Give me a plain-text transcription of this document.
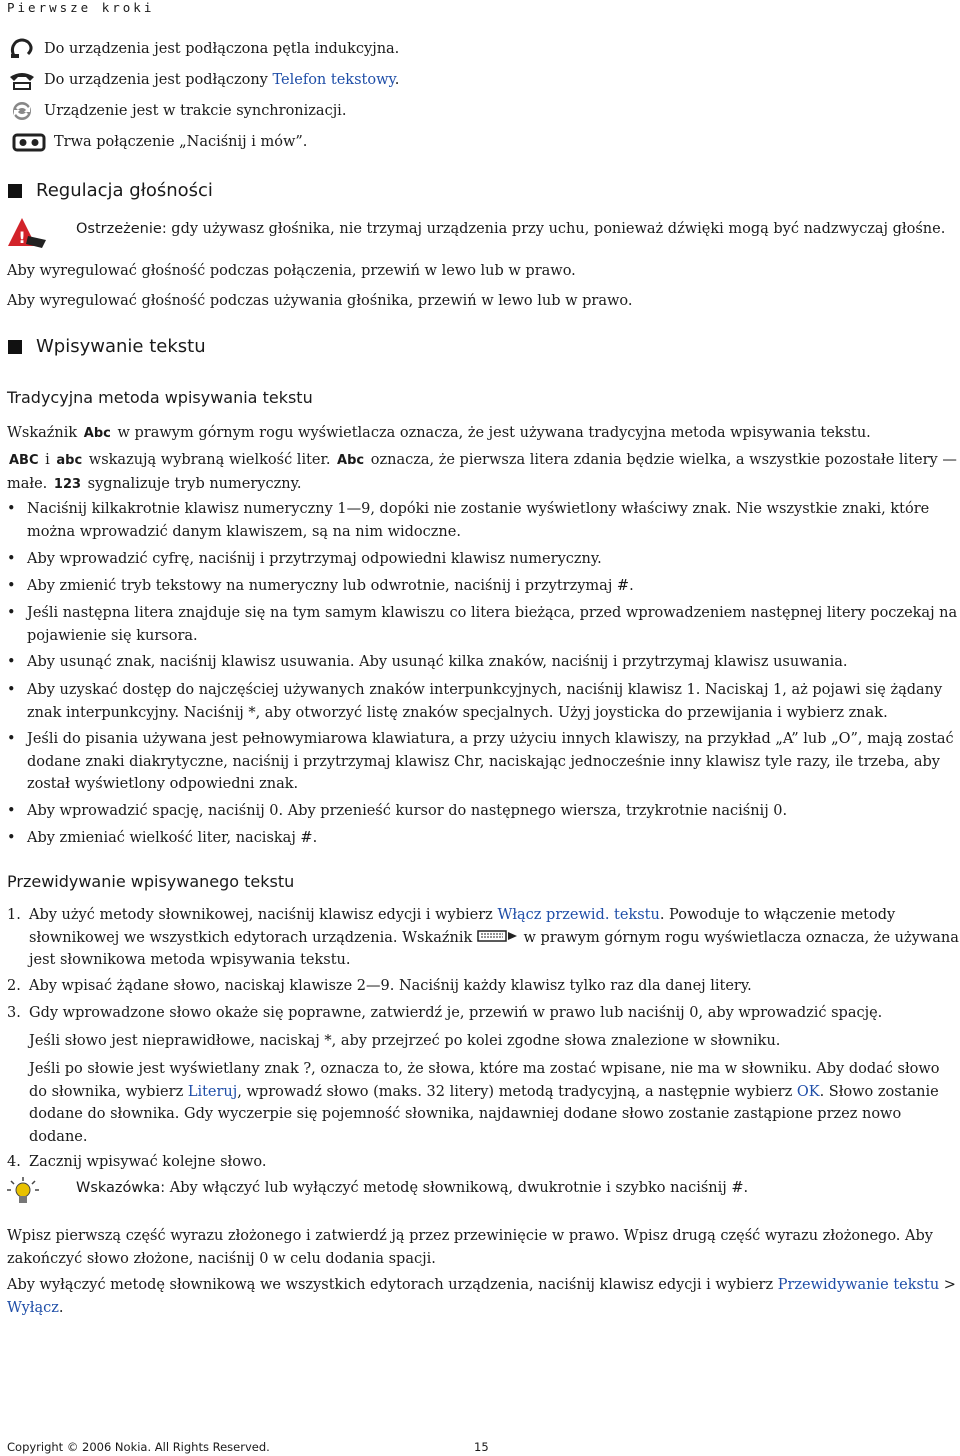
Pierwsze kroki
Do urządzenia jest podłączona pętla indukcyjna.
Do urządzenia jest podłączony Telefon tekstowy.
Urządzenie jest w trakcie synchronizacji.
Trwa połączenie „Naciśnij i mów”.
Regulacja głośności
!	Ostrzeżenie: gdy używasz głośnika, nie trzymaj urządzenia przy uchu, ponieważ dźwięki mogą być nadzwyczaj głośne.
Aby wyregulować głośność podczas połączenia, przewiń w lewo lub w prawo.
Aby wyregulować głośność podczas używania głośnika, przewiń w lewo lub w prawo.
Wpisywanie tekstu
Tradycyjna metoda wpisywania tekstu
Wskaźnik Abc w prawym górnym rogu wyświetlacza oznacza, że jest używana tradycyjna metoda wpisywania tekstu.
ABC i abc wskazują wybraną wielkość liter. Abc oznacza, że pierwsza litera zdania będzie wielka, a wszystkie pozostałe litery — małe. 123 sygnalizuje tryb numeryczny.
• Naciśnij kilkakrotnie klawisz numeryczny 1—9, dopóki nie zostanie wyświetlony właściwy znak. Nie wszystkie znaki, które można wprowadzić danym klawiszem, są na nim widoczne.
• Aby wprowadzić cyfrę, naciśnij i przytrzymaj odpowiedni klawisz numeryczny.
• Aby zmienić tryb tekstowy na numeryczny lub odwrotnie, naciśnij i przytrzymaj #.
• Jeśli następna litera znajduje się na tym samym klawiszu co litera bieżąca, przed wprowadzeniem następnej litery poczekaj na pojawienie się kursora.
• Aby usunąć znak, naciśnij klawisz usuwania. Aby usunąć kilka znaków, naciśnij i przytrzymaj klawisz usuwania.
• Aby uzyskać dostęp do najczęściej używanych znaków interpunkcyjnych, naciśnij klawisz 1. Naciskaj 1, aż pojawi się żądany znak interpunkcyjny. Naciśnij *, aby otworzyć listę znaków specjalnych. Użyj joysticka do przewijania i wybierz znak.
• Jeśli do pisania używana jest pełnowymiarowa klawiatura, a przy użyciu innych klawiszy, na przykład „A” lub „O”, mają zostać dodane znaki diakrytyczne, naciśnij i przytrzymaj klawisz Chr, naciskając jednocześnie inny klawisz tyle razy, ile trzeba, aby został wyświetlony odpowiedni znak.
• Aby wprowadzić spację, naciśnij 0. Aby przenieść kursor do następnego wiersza, trzykrotnie naciśnij 0.
• Aby zmieniać wielkość liter, naciskaj #.
Przewidywanie wpisywanego tekstu
1. Aby użyć metody słownikowej, naciśnij klawisz edycji i wybierz Włącz przewid. tekstu. Powoduje to włączenie metody słownikowej we wszystkich edytorach urządzenia. Wskaźnik	w prawym górnym rogu wyświetlacza oznacza, że używana jest słownikowa metoda wpisywania tekstu.
2. Aby wpisać żądane słowo, naciskaj klawisze 2—9. Naciśnij każdy klawisz tylko raz dla danej litery.
3. Gdy wprowadzone słowo okaże się poprawne, zatwierdź je, przewiń w prawo lub naciśnij 0, aby wprowadzić spację.
Jeśli słowo jest nieprawidłowe, naciskaj *, aby przejrzeć po kolei zgodne słowa znalezione w słowniku.
Jeśli po słowie jest wyświetlany znak ?, oznacza to, że słowa, które ma zostać wpisane, nie ma w słowniku. Aby dodać słowo do słownika, wybierz Literuj, wprowadź słowo (maks. 32 litery) metodą tradycyjną, a następnie wybierz OK. Słowo zostanie dodane do słownika. Gdy wyczerpie się pojemność słownika, najdawniej dodane słowo zostanie zastąpione przez nowo dodane.
4. Zacznij wpisywać kolejne słowo.
Wskazówka: Aby włączyć lub wyłączyć metodę słownikową, dwukrotnie i szybko naciśnij #.
Wpisz pierwszą część wyrazu złożonego i zatwierdź ją przez przewinięcie w prawo. Wpisz drugą część wyrazu złożonego. Aby zakończyć słowo złożone, naciśnij 0 w celu dodania spacji.
Aby wyłączyć metodę słownikową we wszystkich edytorach urządzenia, naciśnij klawisz edycji i wybierz Przewidywanie tekstu > Wyłącz.
Copyright © 2006 Nokia. All Rights Reserved.	15
